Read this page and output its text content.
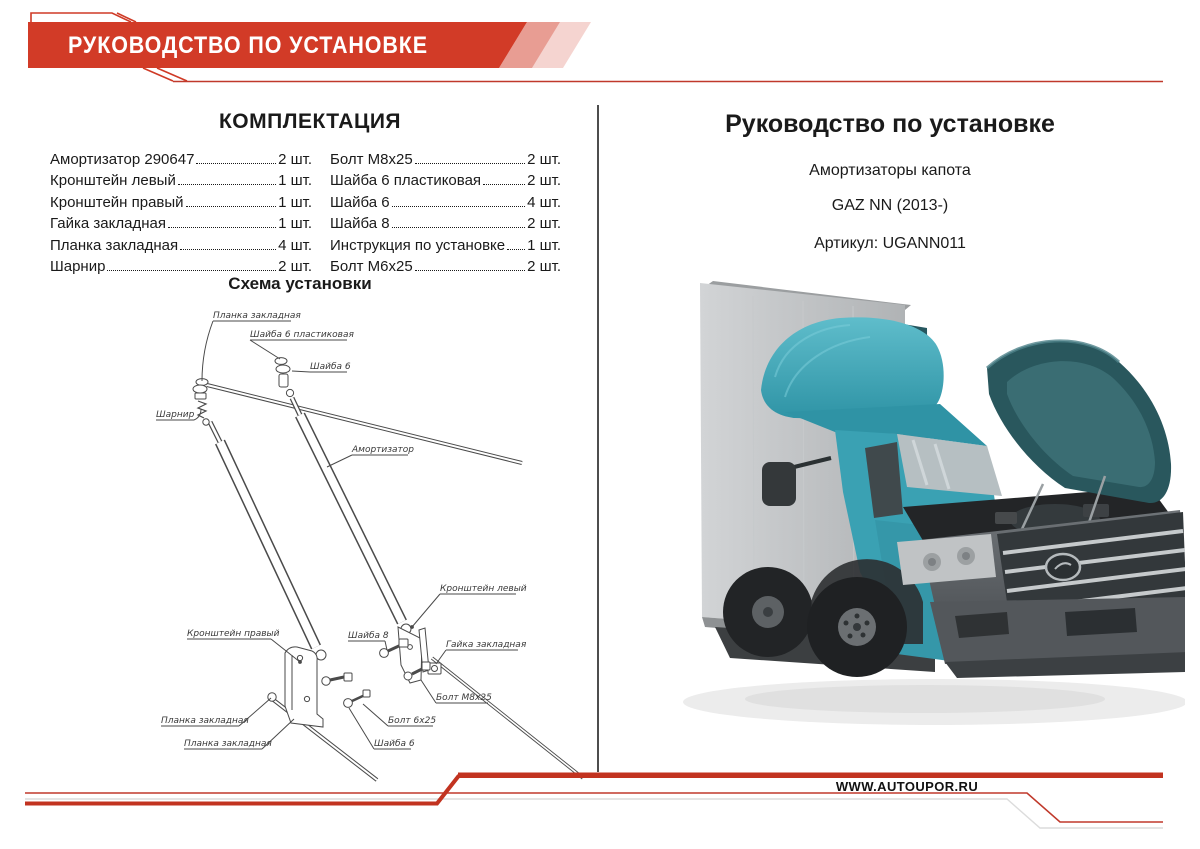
РУКОВОДСТВО ПО УСТАНОВКЕ
КОМПЛЕКТАЦИЯ
Амортизатор 290647	2 шт.
Кронштейн левый	1 шт.
Кронштейн правый	1 шт.
Гайка закладная	1 шт.
Планка закладная	4 шт.
Шарнир	2 шт.
Болт М8х25	2 шт.
Шайба 6 пластиковая	2 шт.
Шайба 6	4 шт.
Шайба 8	2 шт.
Инструкция по установке 1 шт.
Болт М6х25	2 шт.
Схема установки
Планка закладная
Шайба 6 пластиковая
Шайба 6
Шарнир
Амортизатор
Кронштейн левый
Кронштейн правый	Шайба 8
Гайка закладная
Болт М8х25
Планка закладная	Болт 6х25
Планка закладная	Шайба 6
Руководство по установке
Амортизаторы капота
GAZ NN (2013-)
Артикул: UGANN011
WWW.AUTOUPOR.RU
